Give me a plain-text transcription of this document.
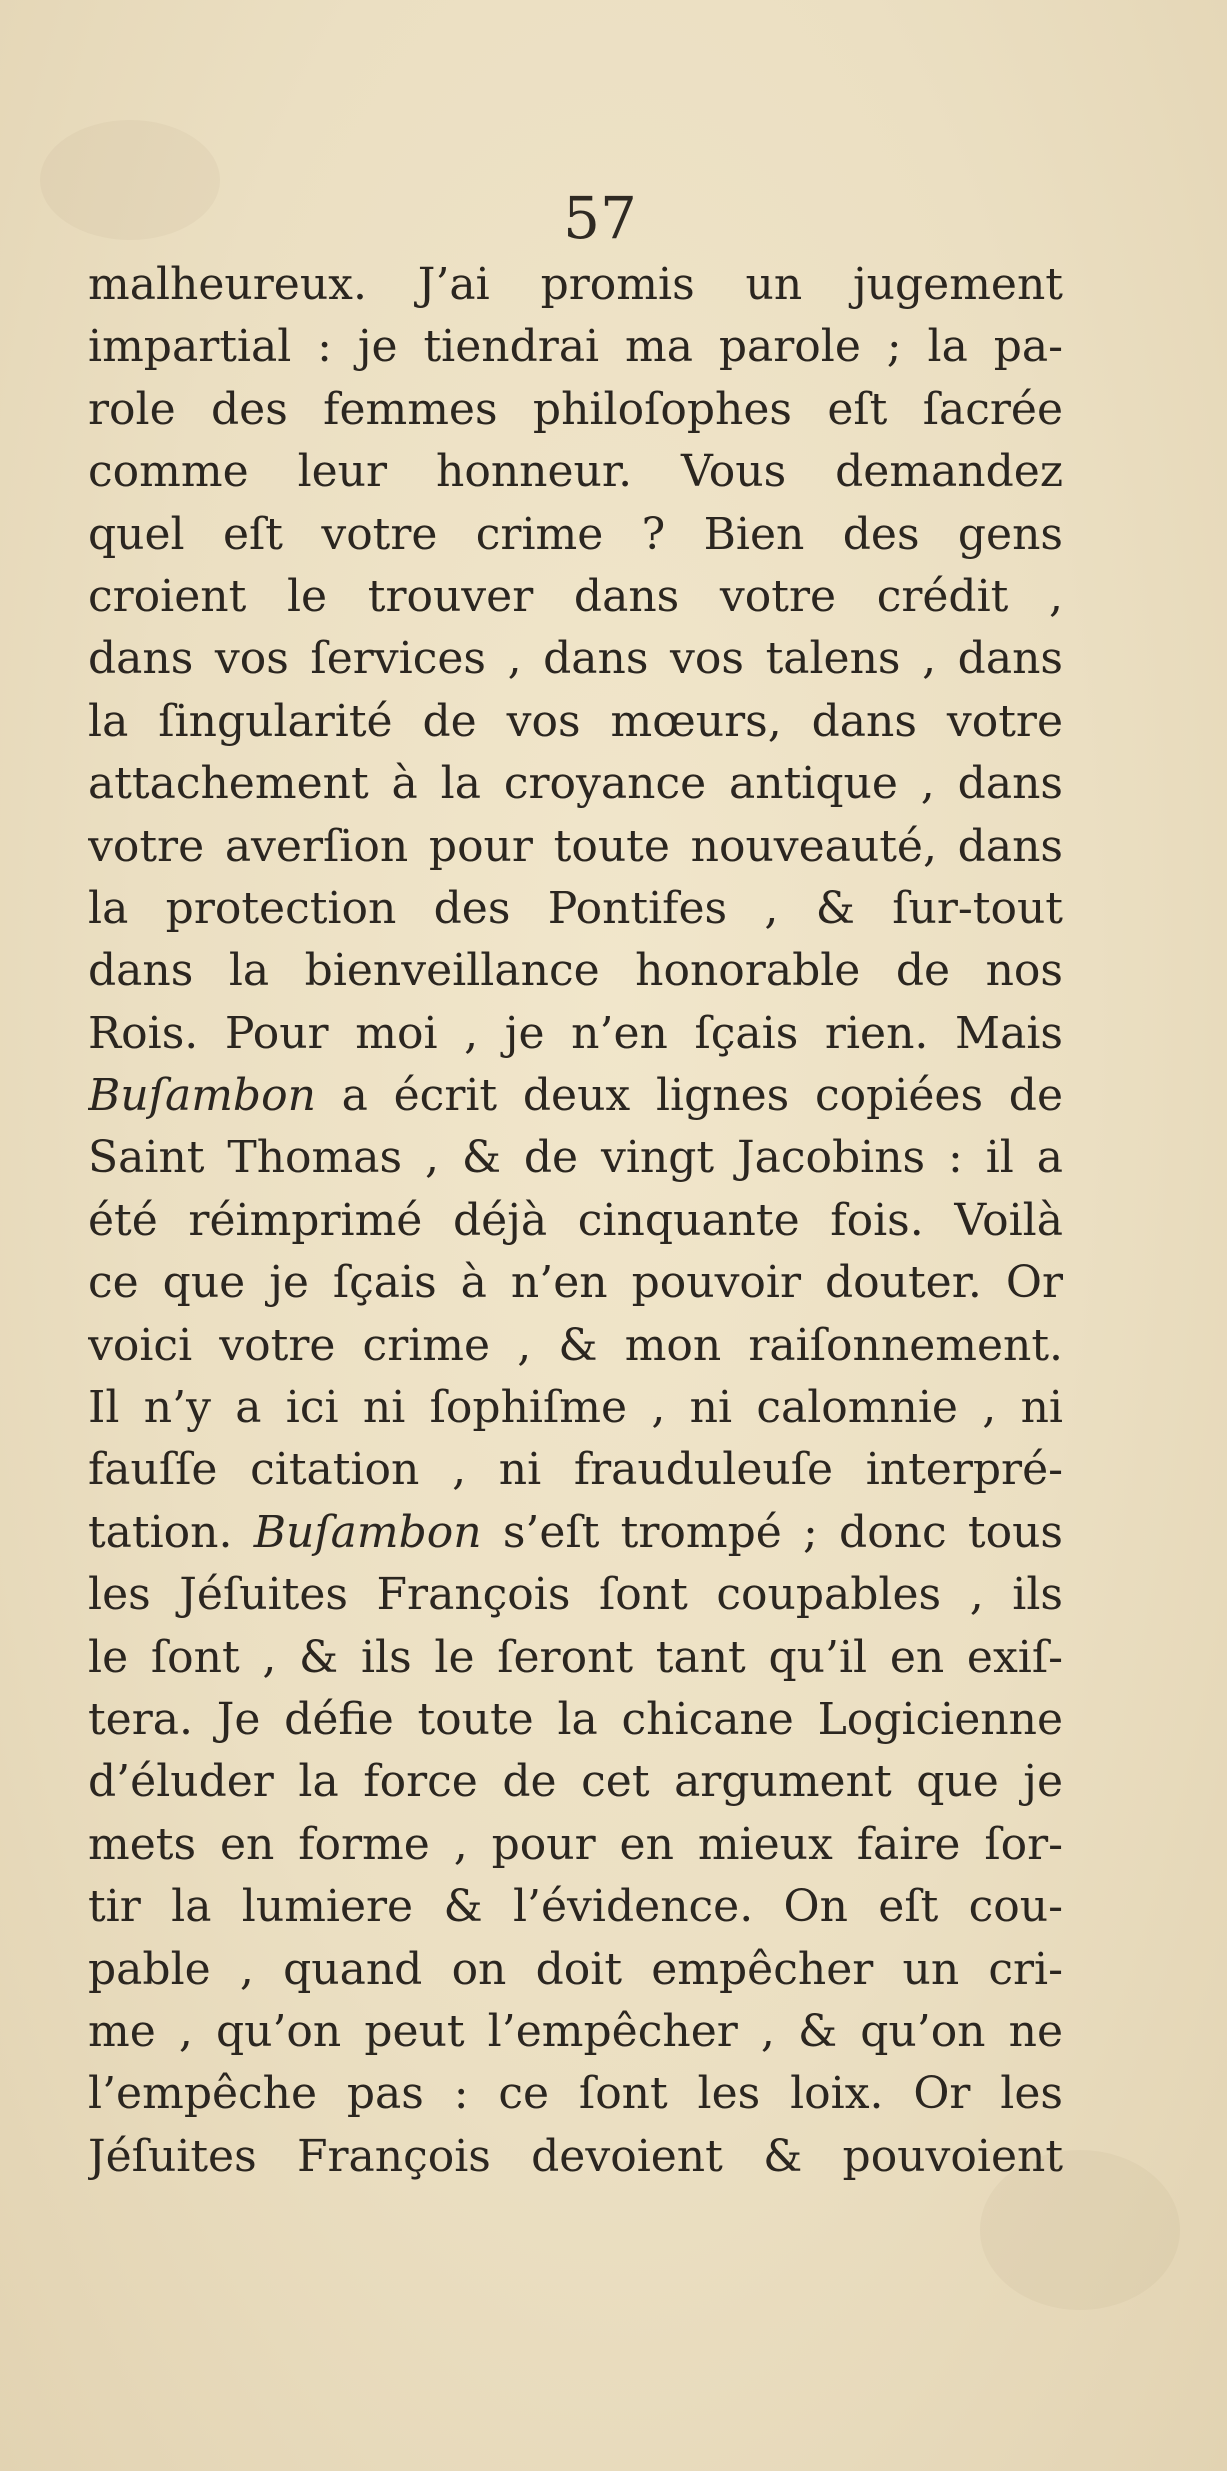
57
malheureux. J’ai promis un jugement
impartial : je tiendrai ma parole ; la pa-
role des femmes philoſophes eſt ſacrée
comme leur honneur. Vous demandez
quel eſt votre crime ? Bien des gens
croient le trouver dans votre crédit ,
dans vos ſervices , dans vos talens , dans
la ſingularité de vos mœurs, dans votre
attachement à la croyance antique , dans
votre averſion pour toute nouveauté, dans
la protection des Pontifes , & ſur-tout
dans la bienveillance honorable de nos
Rois. Pour moi , je n’en ſçais rien. Mais
Buſambon a écrit deux lignes copiées de
Saint Thomas , & de vingt Jacobins : il a
été réimprimé déjà cinquante fois. Voilà
ce que je ſçais à n’en pouvoir douter. Or
voici votre crime , & mon raiſonnement.
Il n’y a ici ni ſophiſme , ni calomnie , ni
fauſſe citation , ni frauduleuſe interpré-
tation. Buſambon s’eſt trompé ; donc tous
les Jéſuites François ſont coupables , ils
le ſont , & ils le ſeront tant qu’il en exiſ-
tera. Je défie toute la chicane Logicienne
d’éluder la force de cet argument que je
mets en forme , pour en mieux faire ſor-
tir la lumiere & l’évidence. On eſt cou-
pable , quand on doit empêcher un cri-
me , qu’on peut l’empêcher , & qu’on ne
l’empêche pas : ce ſont les loix. Or les
Jéſuites François devoient & pouvoient
